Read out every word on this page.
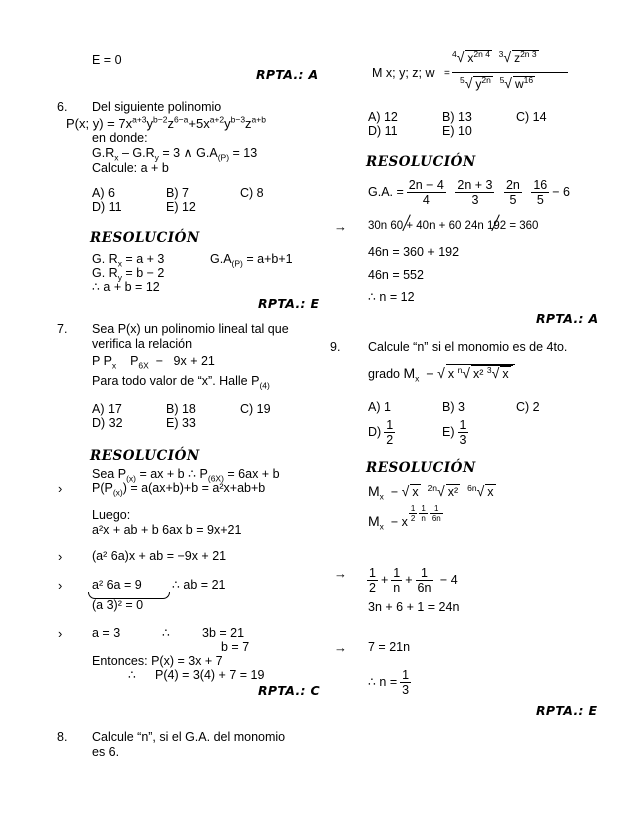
E = 0
RPTA.: A
6. Del siguiente polinomio
P(x; $y) = 7x^{a+3}y^{b-2}z^{6-a}+5x^{a+2}y^{b-3}z^{a+b}$
en donde:
$G.R_x - G.R_y = 3$ ∧ $G.A_{(P)} = 13$
Calcule: a + b
A) 6	B) 7	C) 8
D) 11	E) 12
RESOLUCIÓN
G. $R_x = a + 3$	$G.A_{(P)} = a+b+1$
G. $R_y = b - 2$
∴ a + b = 12
RPTA.: E
7. Sea P(x) un polinomio lineal tal que
verifica la relación
P $P_x$ $P_{6X} - 9x + 21$
Para todo valor de “x”. Halle $P_{(4)}$
A) 17	B) 18	C) 19
D) 32	E) 33
RESOLUCIÓN
Sea $P_{(x)}$ = ax + b ∴ $P_{(6X)} = 6ax + b$
› $P(P_{(x)}) = a(ax+b)+b = a^2x+ab+b$
Luego:
a²x + ab + b 6ax b = 9x+21
› (a² 6a)x + ab = −9x + 21
› a² 6a = 9 ∴ ab = 21
(a 3)² = 0
› a = 3	∴	3b = 21
b = 7
Entonces: P(x) = 3x + 7
∴ P(4) = 3(4) + 7 = 19
RPTA.: C
8. Calcule “n”, si el G.A. del monomio
es 6.
M x; y; z; w =
$^4$√ $x^{2n 4}$ $^3$√ $z^{2n 3}$
$^5$√ $y^{2n}$ $^5$√ $w^{16}$
A) 12	B) 13	C) 14
D) 11	E) 10
RESOLUCIÓN
G.A. = $\frac{2n - 4}{4}$
$\frac{2n + 3}{3}$
$\frac{2n}{5}$
$\frac{16}{5} - 6$
→ 30n 60 + 40n + 60 24n 192 = 360
46n = 360 + 192
46n = 552
∴ n = 12
RPTA.: A
9. Calcule “n” si el monomio es de 4to.
grado $M_x$ − √ x $^n$√ x² $^3$√ x
A) 1	B) 3	C) 2
$D) \frac{1}{2}$	$E) \frac{1}{3}$
RESOLUCIÓN
$M_x$ − √ x $^{2n}$√ x² $^{6n}$√ x
$M_x - x \frac{1}{2} \frac{1}{n} \frac{1}{6n}$
→ $\frac{1}{2} + \frac{1}{n} + \frac{1}{6n} - 4$
3n + 6 + 1 = 24n
→ 7 = 21n
∴ $n = \frac{1}{3}$
RPTA.: E
